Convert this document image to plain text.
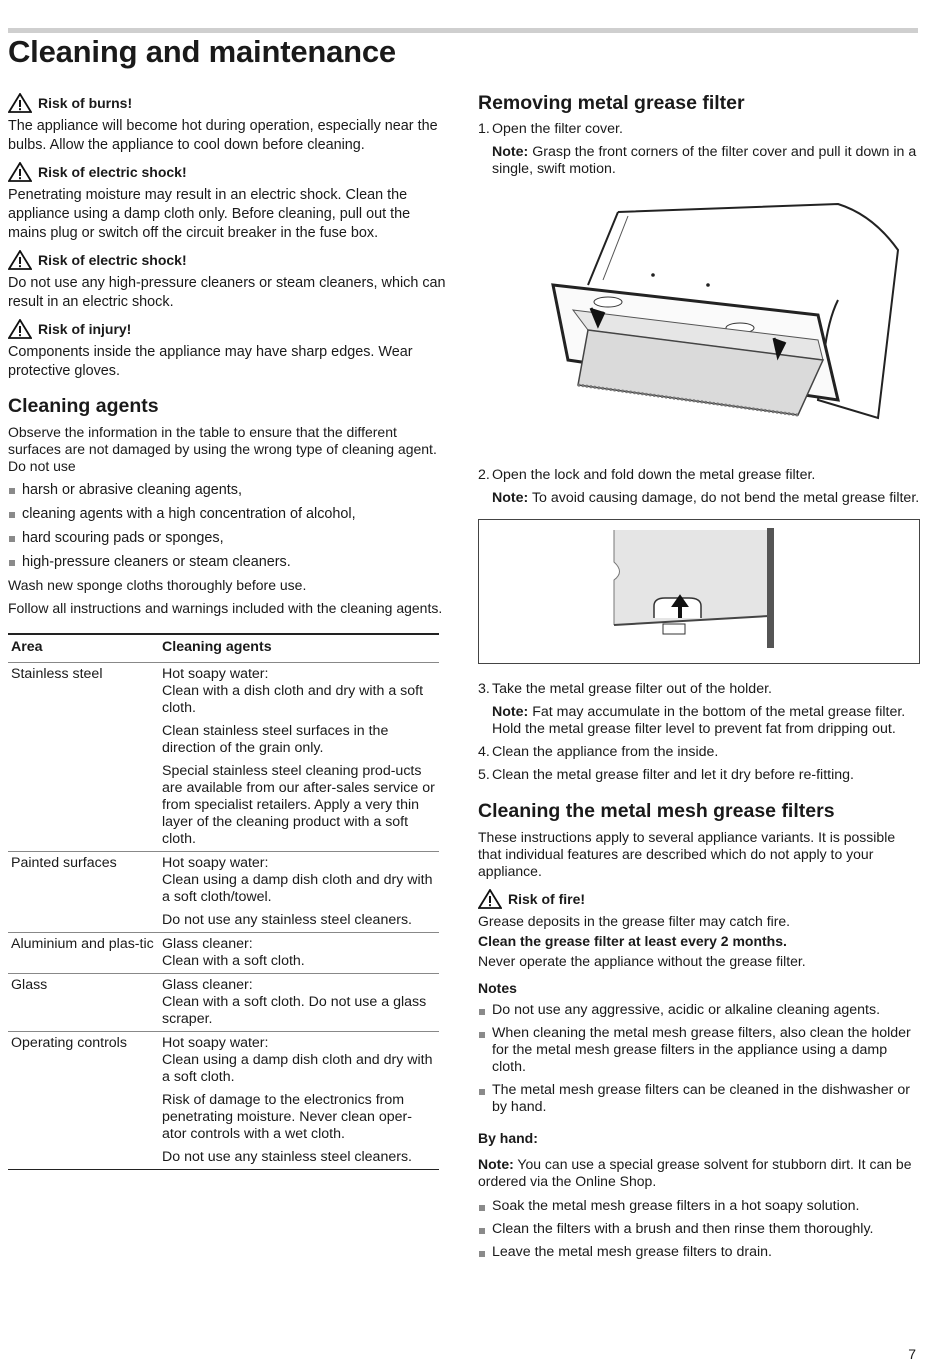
Cleaning and maintenance
Risk of burns!

The appliance will become hot during operation, especially near the bulbs. Allow the appliance to cool down before cleaning.

Risk of electric shock!

Penetrating moisture may result in an electric shock. Clean the appliance using a damp cloth only. Before cleaning, pull out the mains plug or switch off the circuit breaker in the fuse box.

Risk of electric shock!

Do not use any high-pressure cleaners or steam cleaners, which can result in an electric shock.

Risk of injury!

Components inside the appliance may have sharp edges. Wear protective gloves.

Cleaning agents

Observe the information in the table to ensure that the different surfaces are not damaged by using the wrong type of cleaning agent. Do not use

harsh or abrasive cleaning agents,
cleaning agents with a high concentration of alcohol,
hard scouring pads or sponges,
high-pressure cleaners or steam cleaners.

Wash new sponge cloths thoroughly before use.

Follow all instructions and warnings included with the cleaning agents.

Area	Cleaning agents
Stainless steel	Hot soapy water:
Clean with a dish cloth and dry with a soft cloth.
Clean stainless steel surfaces in the direction of the grain only.
Special stainless steel cleaning prod-ucts are available from our after-sales service or from specialist retailers. Apply a very thin layer of the cleaning product with a soft cloth.

Painted surfaces	Hot soapy water:
Clean using a damp dish cloth and dry with a soft cloth/towel.
Do not use any stainless steel cleaners.

Aluminium and plas-tic	Glass cleaner:
Clean with a soft cloth.

Glass	Glass cleaner:
Clean with a soft cloth. Do not use a glass scraper.

Operating controls	Hot soapy water:
Clean using a damp dish cloth and dry with a soft cloth.
Risk of damage to the electronics from penetrating moisture. Never clean oper-ator controls with a wet cloth.
Do not use any stainless steel cleaners.
Removing metal grease filter
1. Open the filter cover.
Note: Grasp the front corners of the filter cover and pull it down in a single, swift motion.
2. Open the lock and fold down the metal grease filter.
Note: To avoid causing damage, do not bend the metal grease filter.
3. Take the metal grease filter out of the holder.
Note: Fat may accumulate in the bottom of the metal grease filter. Hold the metal grease filter level to prevent fat from dripping out.
4. Clean the appliance from the inside.
5. Clean the metal grease filter and let it dry before re-fitting.
Cleaning the metal mesh grease filters

These instructions apply to several appliance variants. It is possible that individual features are described which do not apply to your appliance.

Risk of fire!

Grease deposits in the grease filter may catch fire.

Clean the grease filter at least every 2 months.

Never operate the appliance without the grease filter.

Notes
Do not use any aggressive, acidic or alkaline cleaning agents.
When cleaning the metal mesh grease filters, also clean the holder for the metal mesh grease filters in the appliance using a damp cloth.
The metal mesh grease filters can be cleaned in the dishwasher or by hand.
By hand:
Note: You can use a special grease solvent for stubborn dirt. It can be ordered via the Online Shop.
Soak the metal mesh grease filters in a hot soapy solution.
Clean the filters with a brush and then rinse them thoroughly.
Leave the metal mesh grease filters to drain.
7
